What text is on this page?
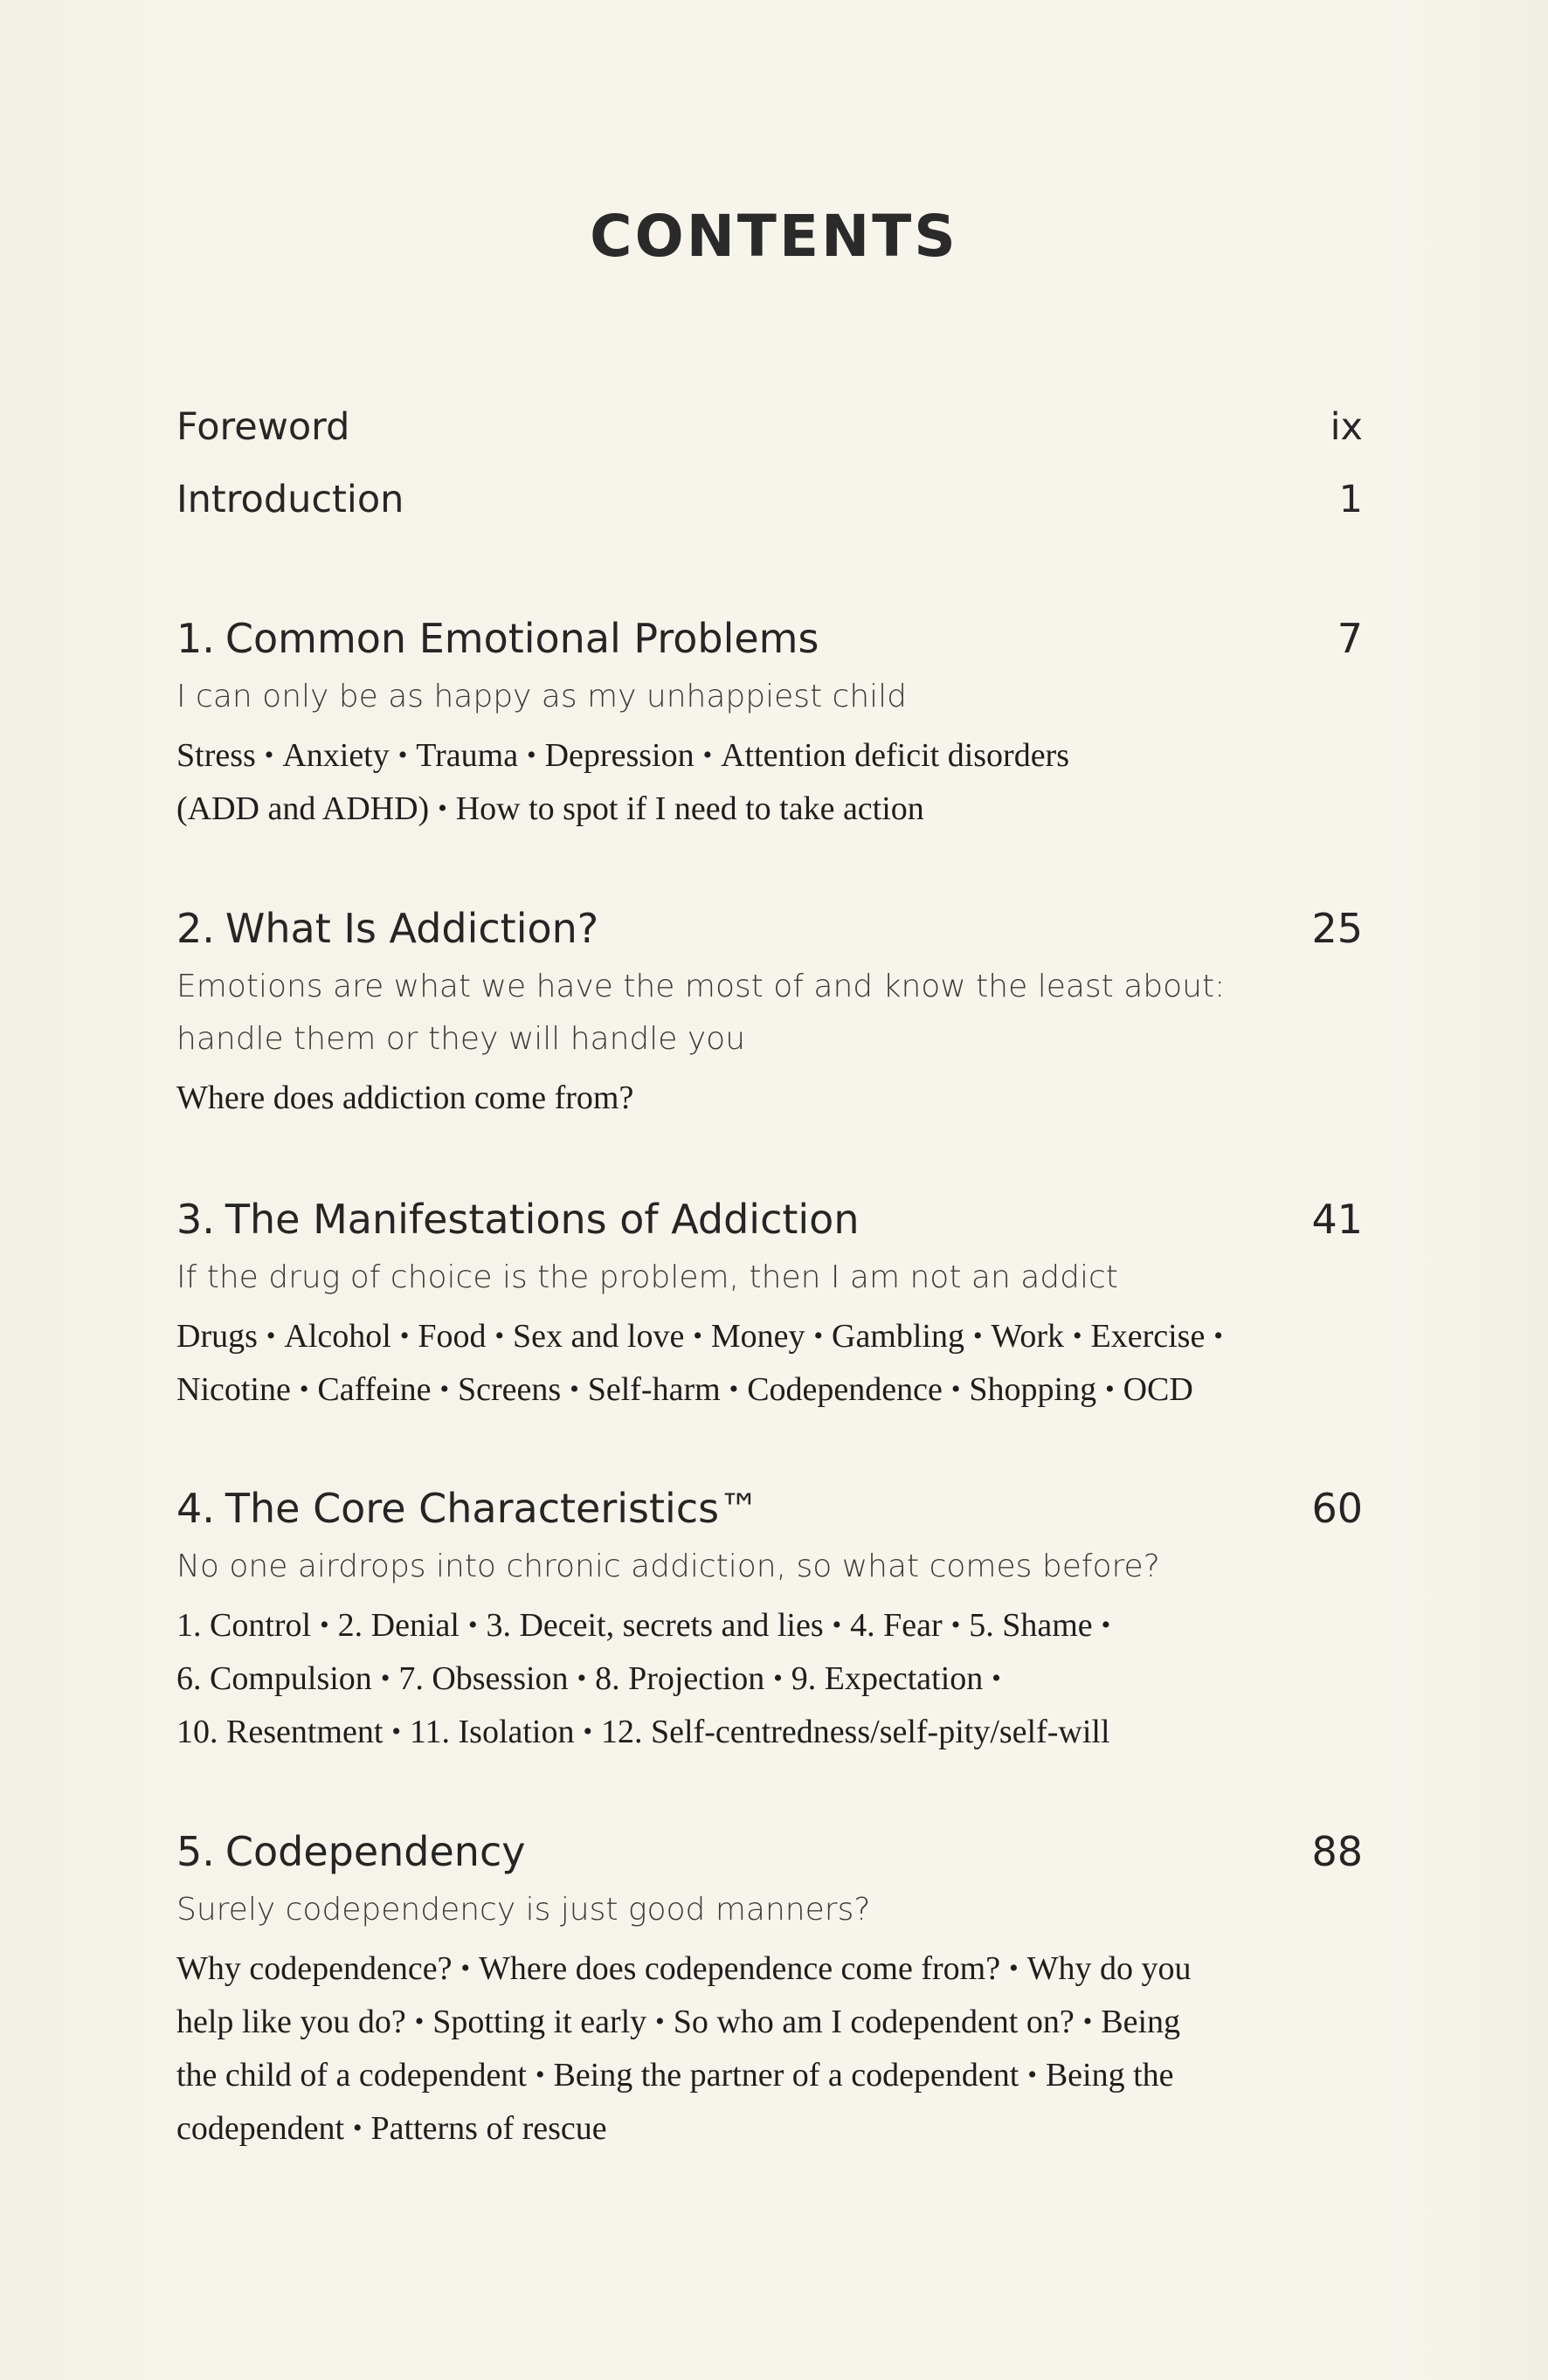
CONTENTS
Foreword	ix
Introduction	1
1. Common Emotional Problems	7
I can only be as happy as my unhappiest child
Stress • Anxiety • Trauma • Depression • Attention deficit disorders
(ADD and ADHD) • How to spot if I need to take action
2. What Is Addiction?	25
Emotions are what we have the most of and know the least about:
handle them or they will handle you
Where does addiction come from?
3. The Manifestations of Addiction	41
If the drug of choice is the problem, then I am not an addict
Drugs • Alcohol • Food • Sex and love • Money • Gambling • Work • Exercise •
Nicotine • Caffeine • Screens • Self-harm • Codependence • Shopping • OCD
4. The Core Characteristics™	60
No one airdrops into chronic addiction, so what comes before?
1. Control • 2. Denial • 3. Deceit, secrets and lies • 4. Fear • 5. Shame •
6. Compulsion • 7. Obsession • 8. Projection • 9. Expectation •
10. Resentment • 11. Isolation • 12. Self-centredness/self-pity/self-will
5. Codependency	88
Surely codependency is just good manners?
Why codependence? • Where does codependence come from? • Why do you
help like you do? • Spotting it early • So who am I codependent on? • Being
the child of a codependent • Being the partner of a codependent • Being the
codependent • Patterns of rescue
